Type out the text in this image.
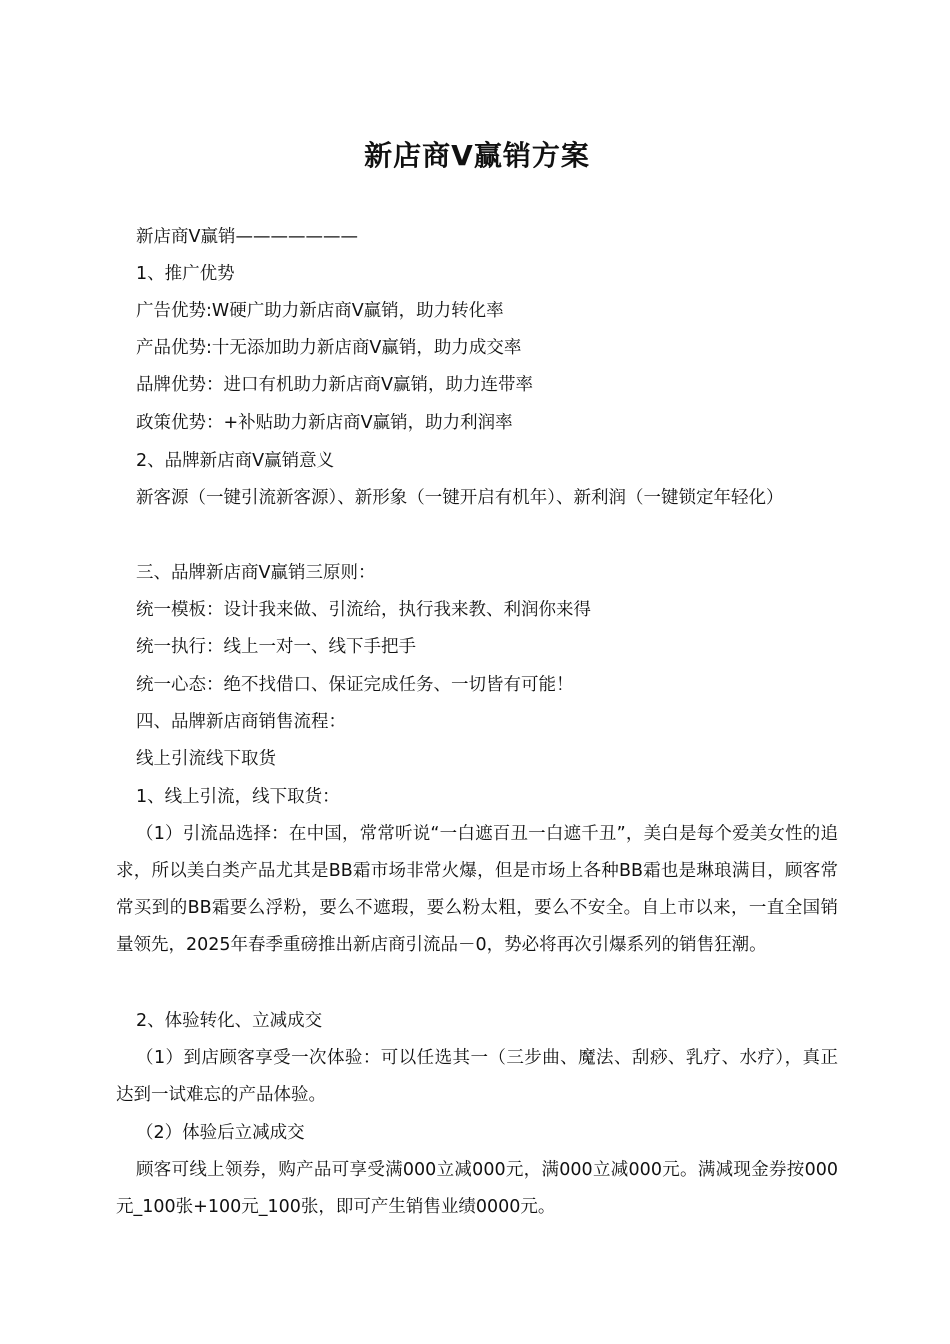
新店商V赢销方案

新店商V赢销———————

1、推广优势

广告优势:W硬广助力新店商V赢销，助力转化率

产品优势:十无添加助力新店商V赢销，助力成交率

品牌优势：进口有机助力新店商V赢销，助力连带率

政策优势：+补贴助力新店商V赢销，助力利润率

2、品牌新店商V赢销意义

新客源（一键引流新客源）、新形象（一键开启有机年）、新利润（一键锁定年轻化）

三、品牌新店商V赢销三原则：

统一模板：设计我来做、引流给，执行我来教、利润你来得

统一执行：线上一对一、线下手把手

统一心态：绝不找借口、保证完成任务、一切皆有可能！

四、品牌新店商销售流程：

线上引流线下取货

1、线上引流，线下取货：

（1）引流品选择：在中国，常常听说“一白遮百丑一白遮千丑”，美白是每个爱美女性的追求，所以美白类产品尤其是BB霜市场非常火爆，但是市场上各种BB霜也是琳琅满目，顾客常常买到的BB霜要么浮粉，要么不遮瑕，要么粉太粗，要么不安全。自上市以来，一直全国销量领先，2025年春季重磅推出新店商引流品－0，势必将再次引爆系列的销售狂潮。

2、体验转化、立减成交

（1）到店顾客享受一次体验：可以任选其一（三步曲、魔法、刮痧、乳疗、水疗），真正达到一试难忘的产品体验。

（2）体验后立减成交

顾客可线上领券，购产品可享受满000立减000元，满000立减000元。满减现金券按000元_100张+100元_100张，即可产生销售业绩0000元。
